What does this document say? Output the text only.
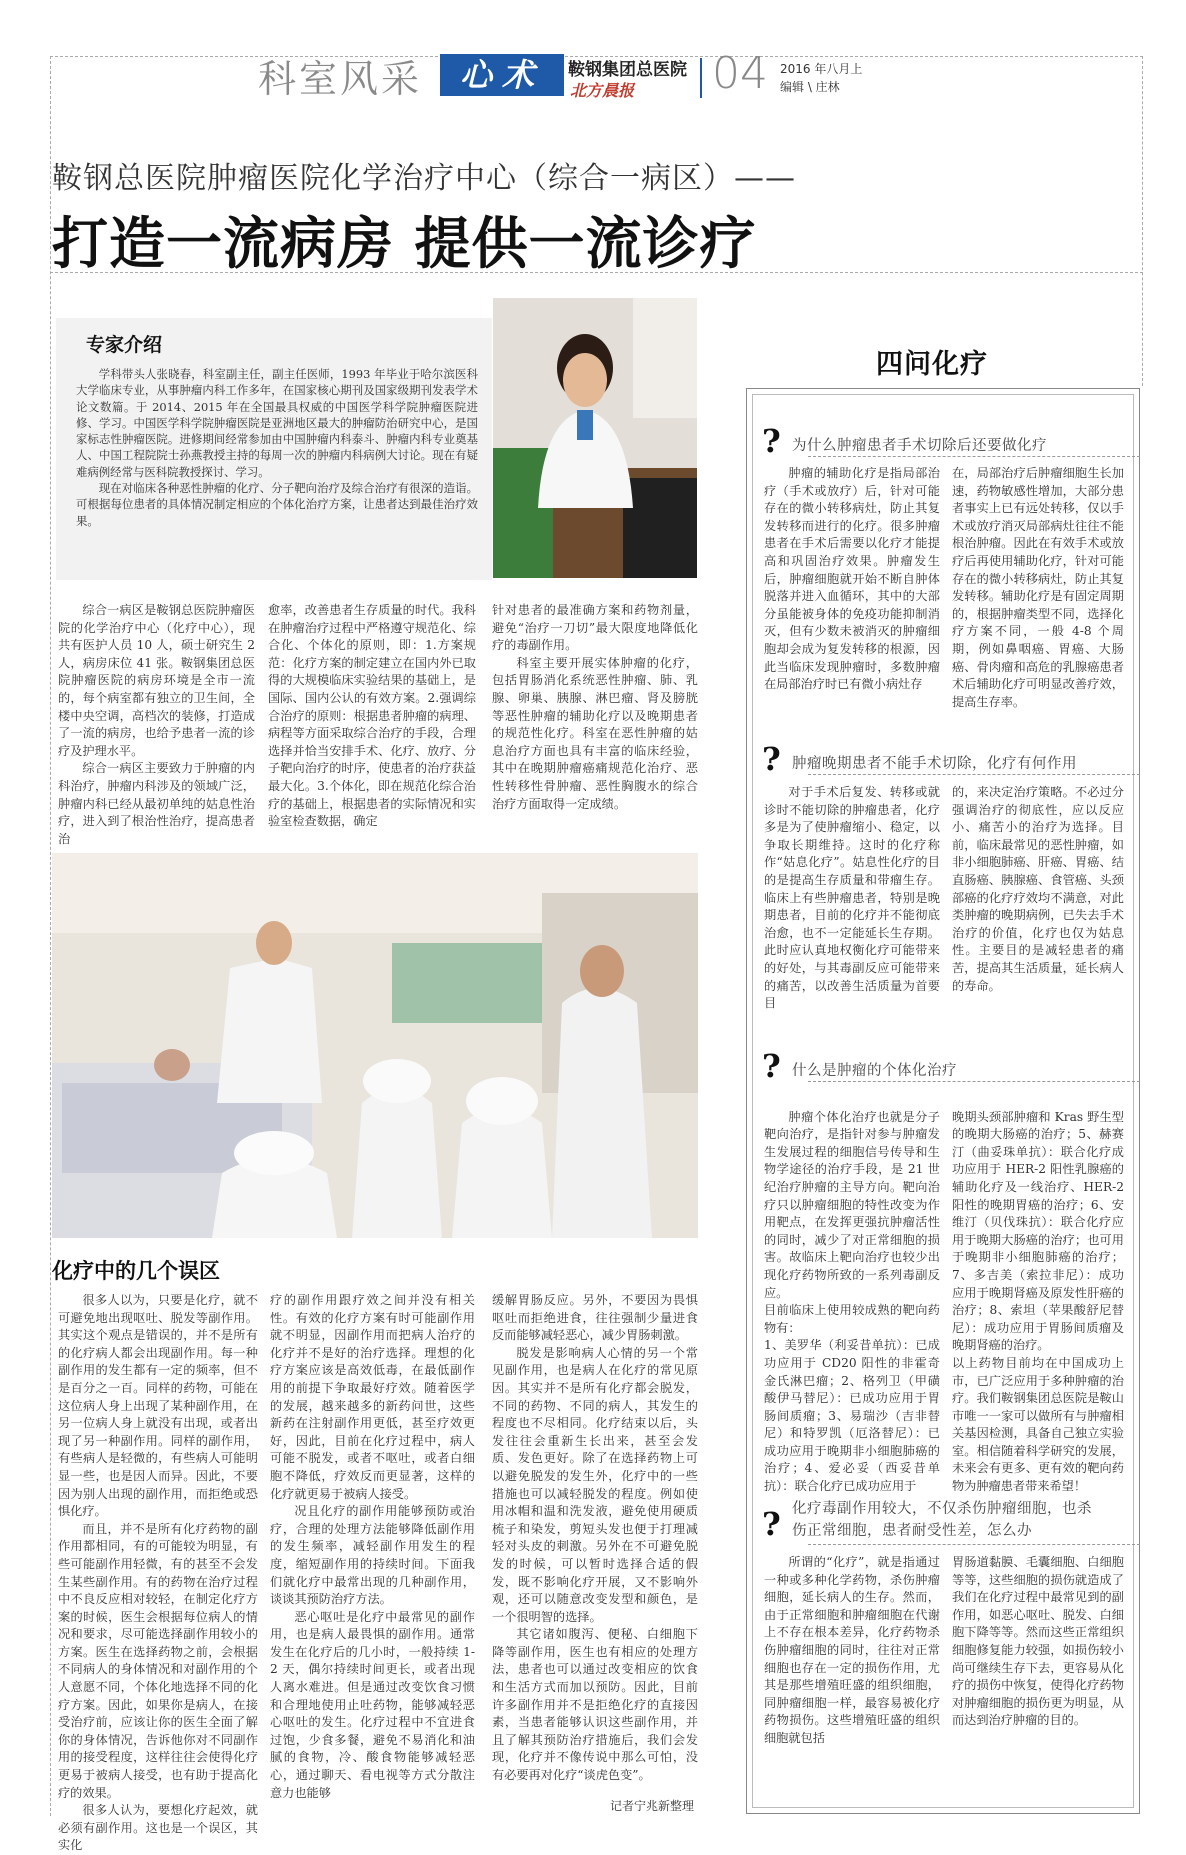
科室风采	心术	鞍钢集团总医院
北方晨报 04 2016 年八月上
编辑 \ 庄林
鞍钢总医院肿瘤医院化学治疗中心（综合一病区）——
打造一流病房 提供一流诊疗
专家介绍

学科带头人张晓春，科室副主任，副主任医师，1993 年毕业于哈尔滨医科大学临床专业，从事肿瘤内科工作多年，在国家核心期刊及国家级期刊发表学术论文数篇。于 2014、2015 年在全国最具权威的中国医学科学院肿瘤医院进修、学习。中国医学科学院肿瘤医院是亚洲地区最大的肿瘤防治研究中心，是国家标志性肿瘤医院。进修期间经常参加由中国肿瘤内科泰斗、肿瘤内科专业奠基人、中国工程院院士孙燕教授主持的每周一次的肿瘤内科病例大讨论。现在有疑难病例经常与医科院教授探讨、学习。

现在对临床各种恶性肿瘤的化疗、分子靶向治疗及综合治疗有很深的造诣。可根据每位患者的具体情况制定相应的个体化治疗方案，让患者达到最佳治疗效果。

综合一病区是鞍钢总医院肿瘤医院的化学治疗中心（化疗中心），现共有医护人员 10 人，硕士研究生 2 人，病房床位 41 张。鞍钢集团总医院肿瘤医院的病房环境是全市一流的，每个病室都有独立的卫生间，全楼中央空调，高档次的装修，打造成了一流的病房，也给予患者一流的诊疗及护理水平。

综合一病区主要致力于肿瘤的内科治疗，肿瘤内科涉及的领域广泛，肿瘤内科已经从最初单纯的姑息性治疗，进入到了根治性治疗，提高患者治

愈率，改善患者生存质量的时代。我科在肿瘤治疗过程中严格遵守规范化、综合化、个体化的原则，即：1.方案规范：化疗方案的制定建立在国内外已取得的大规模临床实验结果的基础上，是国际、国内公认的有效方案。2.强调综合治疗的原则：根据患者肿瘤的病理、病程等方面采取综合治疗的手段，合理选择并恰当安排手术、化疗、放疗、分子靶向治疗的时序，使患者的治疗获益最大化。3.个体化，即在规范化综合治疗的基础上，根据患者的实际情况和实验室检查数据，确定

针对患者的最准确方案和药物剂量，避免“治疗一刀切”最大限度地降低化疗的毒副作用。

科室主要开展实体肿瘤的化疗，包括胃肠消化系统恶性肿瘤、肺、乳腺、卵巢、胰腺、淋巴瘤、肾及膀胱等恶性肿瘤的辅助化疗以及晚期患者的规范性化疗。科室在恶性肿瘤的姑息治疗方面也具有丰富的临床经验，其中在晚期肿瘤癌痛规范化治疗、恶性转移性骨肿瘤、恶性胸腹水的综合治疗方面取得一定成绩。

化疗中的几个误区

很多人以为，只要是化疗，就不可避免地出现呕吐、脱发等副作用。其实这个观点是错误的，并不是所有的化疗病人都会出现副作用。每一种副作用的发生都有一定的频率，但不是百分之一百。同样的药物，可能在这位病人身上出现了某种副作用，在另一位病人身上就没有出现，或者出现了另一种副作用。同样的副作用，有些病人是轻微的，有些病人可能明显一些，也是因人而异。因此，不要因为别人出现的副作用，而拒绝或恐惧化疗。

而且，并不是所有化疗药物的副作用都相同，有的可能较为明显，有些可能副作用轻微，有的甚至不会发生某些副作用。有的药物在治疗过程中不良反应相对较轻，在制定化疗方案的时候，医生会根据每位病人的情况和要求，尽可能选择副作用较小的方案。医生在选择药物之前，会根据不同病人的身体情况和对副作用的个人意愿不同，个体化地选择不同的化疗方案。因此，如果你是病人，在接受治疗前，应该让你的医生全面了解你的身体情况，告诉他你对不同副作用的接受程度，这样往往会使得化疗更易于被病人接受，也有助于提高化疗的效果。

很多人认为，要想化疗起效，就必须有副作用。这也是一个误区，其实化

疗的副作用跟疗效之间并没有相关性。有效的化疗方案有时可能副作用就不明显，因副作用而把病人治疗的化疗并不是好的治疗选择。理想的化疗方案应该是高效低毒，在最低副作用的前提下争取最好疗效。随着医学的发展，越来越多的新药问世，这些新药在注射副作用更低，甚至疗效更好，因此，目前在化疗过程中，病人可能不脱发，或者不呕吐，或者白细胞不降低，疗效反而更显著，这样的化疗就更易于被病人接受。

况且化疗的副作用能够预防或治疗，合理的处理方法能够降低副作用的发生频率，减轻副作用发生的程度，缩短副作用的持续时间。下面我们就化疗中最常出现的几种副作用，谈谈其预防治疗方法。

恶心呕吐是化疗中最常见的副作用，也是病人最畏惧的副作用。通常发生在化疗后的几小时，一般持续 1-2 天，偶尔持续时间更长，或者出现人离水难进。但是通过改变饮食习惯和合理地使用止吐药物，能够减轻恶心呕吐的发生。化疗过程中不宜进食过饱，少食多餐，避免不易消化和油腻的食物，冷、酸食物能够减轻恶心，通过聊天、看电视等方式分散注意力也能够

缓解胃肠反应。另外，不要因为畏惧呕吐而拒绝进食，往往强制少量进食反而能够减轻恶心，减少胃肠刺激。

脱发是影响病人心情的另一个常见副作用，也是病人在化疗的常见原因。其实并不是所有化疗都会脱发，不同的药物、不同的病人，其发生的程度也不尽相同。化疗结束以后，头发往往会重新生长出来，甚至会发质、发色更好。除了在选择药物上可以避免脱发的发生外，化疗中的一些措施也可以减轻脱发的程度。例如使用冰帽和温和洗发液，避免使用硬质梳子和染发，剪短头发也便于打理减轻对头皮的刺激。另外在不可避免脱发的时候，可以暂时选择合适的假发，既不影响化疗开展，又不影响外观，还可以随意改变发型和颜色，是一个很明智的选择。

其它诸如腹泻、便秘、白细胞下降等副作用，医生也有相应的处理方法，患者也可以通过改变相应的饮食和生活方式而加以预防。因此，目前许多副作用并不是拒绝化疗的直接因素，当患者能够认识这些副作用，并且了解其预防治疗措施后，我们会发现，化疗并不像传说中那么可怕，没有必要再对化疗“谈虎色变”。

记者宁兆新整理
四问化疗
? 为什么肿瘤患者手术切除后还要做化疗

肿瘤的辅助化疗是指局部治疗（手术或放疗）后，针对可能存在的微小转移病灶，防止其复发转移而进行的化疗。很多肿瘤患者在手术后需要以化疗才能提高和巩固治疗效果。肿瘤发生后，肿瘤细胞就开始不断自肿体脱落并进入血循环，其中的大部分虽能被身体的免疫功能抑制消灭，但有少数未被消灭的肿瘤细胞却会成为复发转移的根源，因此当临床发现肿瘤时，多数肿瘤在局部治疗时已有微小病灶存

在，局部治疗后肿瘤细胞生长加速，药物敏感性增加，大部分患者事实上已有远处转移，仅以手术或放疗消灭局部病灶往往不能根治肿瘤。因此在有效手术或放疗后再使用辅助化疗，针对可能存在的微小转移病灶，防止其复发转移。辅助化疗是有固定周期的，根据肿瘤类型不同，选择化疗方案不同，一般 4-8 个周期，例如鼻咽癌、胃癌、大肠癌、骨肉瘤和高危的乳腺癌患者术后辅助化疗可明显改善疗效，提高生存率。

? 肿瘤晚期患者不能手术切除，化疗有何作用

对于手术后复发、转移或就诊时不能切除的肿瘤患者，化疗多是为了使肿瘤缩小、稳定，以争取长期维持。这时的化疗称作“姑息化疗”。姑息性化疗的目的是提高生存质量和带瘤生存。临床上有些肿瘤患者，特别是晚期患者，目前的化疗并不能彻底治愈，也不一定能延长生存期。此时应认真地权衡化疗可能带来的好处，与其毒副反应可能带来的痛苦，以改善生活质量为首要目

的，来决定治疗策略。不必过分强调治疗的彻底性，应以反应小、痛苦小的治疗为选择。目前，临床最常见的恶性肿瘤，如非小细胞肺癌、肝癌、胃癌、结直肠癌、胰腺癌、食管癌、头颈部癌的化疗疗效均不满意，对此类肿瘤的晚期病例，已失去手术治疗的价值，化疗也仅为姑息性。主要目的是减轻患者的痛苦，提高其生活质量，延长病人的寿命。

? 什么是肿瘤的个体化治疗

肿瘤个体化治疗也就是分子靶向治疗，是指针对参与肿瘤发生发展过程的细胞信号传导和生物学途径的治疗手段，是 21 世纪治疗肿瘤的主导方向。靶向治疗只以肿瘤细胞的特性改变为作用靶点，在发挥更强抗肿瘤活性的同时，减少了对正常细胞的损害。故临床上靶向治疗也较少出现化疗药物所致的一系列毒副反应。
目前临床上使用较成熟的靶向药物有：
1、美罗华（利妥昔单抗）：已成功应用于 CD20 阳性的非霍奇金氏淋巴瘤；2、格列卫（甲磺酸伊马替尼）：已成功应用于胃肠间质瘤；3、易瑞沙（吉非替尼）和特罗凯（厄洛替尼）：已成功应用于晚期非小细胞肺癌的治疗；4、爱必妥（西妥昔单抗）：联合化疗已成功应用于

晚期头颈部肿瘤和 Kras 野生型的晚期大肠癌的治疗；5、赫赛汀（曲妥珠单抗）：联合化疗成功应用于 HER-2 阳性乳腺癌的辅助化疗及一线治疗、HER-2 阳性的晚期胃癌的治疗；6、安维汀（贝伐珠抗）：联合化疗应用于晚期大肠癌的治疗；也可用于晚期非小细胞肺癌的治疗；7、多吉美（索拉非尼）：成功应用于晚期肾癌及原发性肝癌的治疗；8、索坦（苹果酸舒尼替尼）：成功应用于胃肠间质瘤及晚期肾癌的治疗。
以上药物目前均在中国成功上市，已广泛应用于多种肿瘤的治疗。我们鞍钢集团总医院是鞍山市唯一一家可以做所有与肿瘤相关基因检测，具备自己独立实验室。相信随着科学研究的发展，未来会有更多、更有效的靶向药物为肿瘤患者带来希望！

? 化疗毒副作用较大，不仅杀伤肿瘤细胞，也杀伤正常细胞，患者耐受性差，怎么办

所谓的“化疗”，就是指通过一种或多种化学药物，杀伤肿瘤细胞，延长病人的生存。然而，由于正常细胞和肿瘤细胞在代谢上不存在根本差异，化疗药物杀伤肿瘤细胞的同时，往往对正常细胞也存在一定的损伤作用，尤其是那些增殖旺盛的组织细胞，同肿瘤细胞一样，最容易被化疗药物损伤。这些增殖旺盛的组织细胞就包括

胃肠道黏膜、毛囊细胞、白细胞等等，这些细胞的损伤就造成了我们在化疗过程中最常见到的副作用，如恶心呕吐、脱发、白细胞下降等等。然而这些正常组织细胞修复能力较强，如损伤较小尚可继续生存下去，更容易从化疗的损伤中恢复，使得化疗药物对肿瘤细胞的损伤更为明显，从而达到治疗肿瘤的目的。
